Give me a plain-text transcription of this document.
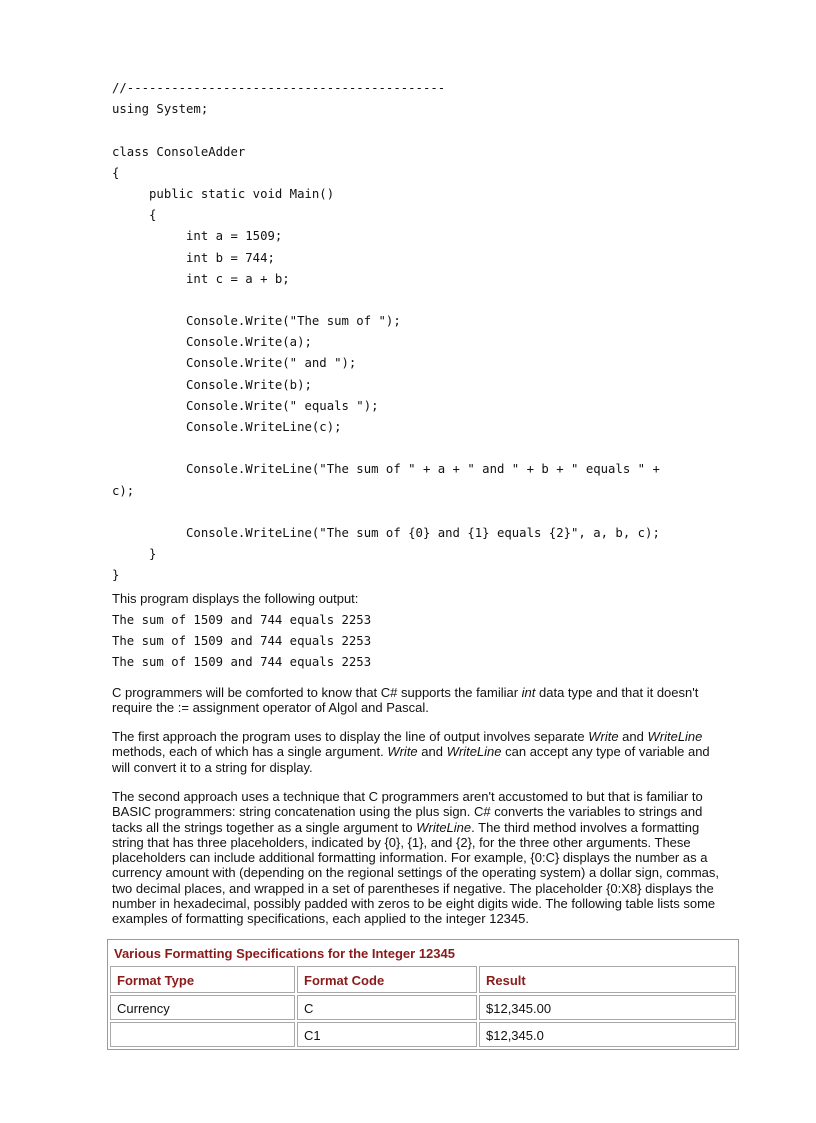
//-------------------------------------------
using System;
class ConsoleAdder
{
public static void Main()
{
int a = 1509;
int b = 744;
int c = a + b;
Console.Write("The sum of ");
Console.Write(a);
Console.Write(" and ");
Console.Write(b);
Console.Write(" equals ");
Console.WriteLine(c);
Console.WriteLine("The sum of " + a + " and " + b + " equals " +
c);
Console.WriteLine("The sum of {0} and {1} equals {2}", a, b, c);
}
}
This program displays the following output:
The sum of 1509 and 744 equals 2253
The sum of 1509 and 744 equals 2253
The sum of 1509 and 744 equals 2253
C programmers will be comforted to know that C# supports the familiar int data type and that it doesn't require the := assignment operator of Algol and Pascal.
The first approach the program uses to display the line of output involves separate Write and WriteLine methods, each of which has a single argument. Write and WriteLine can accept any type of variable and will convert it to a string for display.
The second approach uses a technique that C programmers aren't accustomed to but that is familiar to BASIC programmers: string concatenation using the plus sign. C# converts the variables to strings and tacks all the strings together as a single argument to WriteLine. The third method involves a formatting string that has three placeholders, indicated by {0}, {1}, and {2}, for the three other arguments. These placeholders can include additional formatting information. For example, {0:C} displays the number as a currency amount with (depending on the regional settings of the operating system) a dollar sign, commas, two decimal places, and wrapped in a set of parentheses if negative. The placeholder {0:X8} displays the number in hexadecimal, possibly padded with zeros to be eight digits wide. The following table lists some examples of formatting specifications, each applied to the integer 12345.
Various Formatting Specifications for the Integer 12345		
Format Type	Format Code	Result
Currency	C	$12,345.00
	C1	$12,345.0
